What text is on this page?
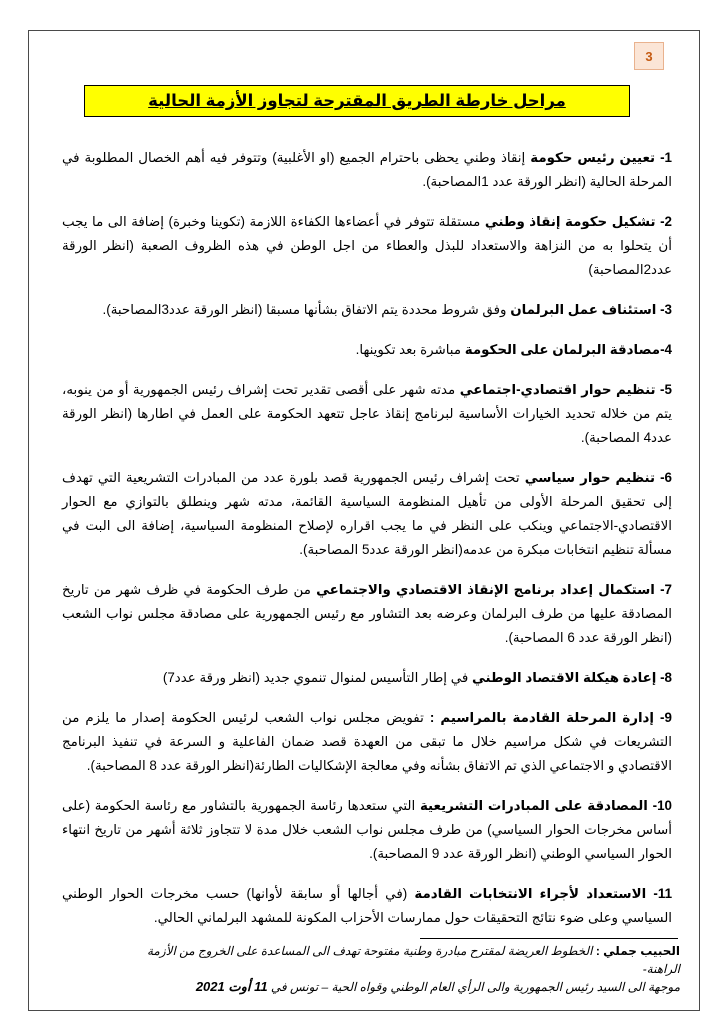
3
مراحل خارطة الطريق المقترحة لتجاوز الأزمة الحالية

1- تعيين رئيس حكومة إنقاذ وطني يحظى باحترام الجميع (او الأغلبية) وتتوفر فيه أهم الخصال المطلوبة في المرحلة الحالية (انظر الورقة عدد 1المصاحبة).

2- تشكيل حكومة إنقاذ وطني مستقلة تتوفر في أعضاءها الكفاءة اللازمة (تكوينا وخبرة) إضافة الى ما يجب أن يتحلوا به من النزاهة والاستعداد للبذل والعطاء من اجل الوطن في هذه الظروف الصعبة (انظر الورقة عدد2المصاحبة)

3- استئناف عمل البرلمان وفق شروط محددة يتم الاتفاق بشأنها مسبقا (انظر الورقة عدد3المصاحبة).

4-مصادقة البرلمان على الحكومة مباشرة بعد تكوينها.

5- تنظيم حوار اقتصادي-اجتماعي مدته شهر على أقصى تقدير تحت إشراف رئيس الجمهورية أو من ينوبه، يتم من خلاله تحديد الخيارات الأساسية لبرنامج إنقاذ عاجل تتعهد الحكومة على العمل في اطارها (انظر الورقة عدد4 المصاحبة).

6- تنظيم حوار سياسي تحت إشراف رئيس الجمهورية قصد بلورة عدد من المبادرات التشريعية التي تهدف إلى تحقيق المرحلة الأولى من تأهيل المنظومة السياسية القائمة، مدته شهر وينطلق بالتوازي مع الحوار الاقتصادي-الاجتماعي وينكب على النظر في ما يجب اقراره لإصلاح المنظومة السياسية، إضافة الى البت في مسألة تنظيم انتخابات مبكرة من عدمه(انظر الورقة عدد5 المصاحبة).

7- استكمال إعداد برنامج الإنقاذ الاقتصادي والاجتماعي من طرف الحكومة في ظرف شهر من تاريخ المصادقة عليها من طرف البرلمان وعرضه بعد التشاور مع رئيس الجمهورية على مصادقة مجلس نواب الشعب (انظر الورقة عدد 6 المصاحبة).

8- إعادة هيكلة الاقتصاد الوطني في إطار التأسيس لمنوال تنموي جديد (انظر ورقة عدد7)

9- إدارة المرحلة القادمة بالمراسيم : تفويض مجلس نواب الشعب لرئيس الحكومة إصدار ما يلزم من التشريعات في شكل مراسيم خلال ما تبقى من العهدة قصد ضمان الفاعلية و السرعة في تنفيذ البرنامج الاقتصادي و الاجتماعي الذي تم الاتفاق بشأنه وفي معالجة الإشكاليات الطارئة(انظر الورقة عدد 8 المصاحبة).

10- المصادقة على المبادرات التشريعية التي ستعدها رئاسة الجمهورية بالتشاور مع رئاسة الحكومة (على أساس مخرجات الحوار السياسي) من طرف مجلس نواب الشعب خلال مدة لا تتجاوز ثلاثة أشهر من تاريخ انتهاء الحوار السياسي الوطني (انظر الورقة عدد 9 المصاحبة).

11- الاستعداد لأجراء الانتخابات القادمة (في أجالها أو سابقة لأوانها) حسب مخرجات الحوار الوطني السياسي وعلى ضوء نتائج التحقيقات حول ممارسات الأحزاب المكونة للمشهد البرلماني الحالي.

الحبيب جملي : الخطوط العريضة لمقترح مبادرة وطنية مفتوحة تهدف الى المساعدة على الخروج من الأزمة الراهنة-
موجهة الى السيد رئيس الجمهورية والى الرأي العام الوطني وقواه الحية – تونس في 11 أوت 2021
